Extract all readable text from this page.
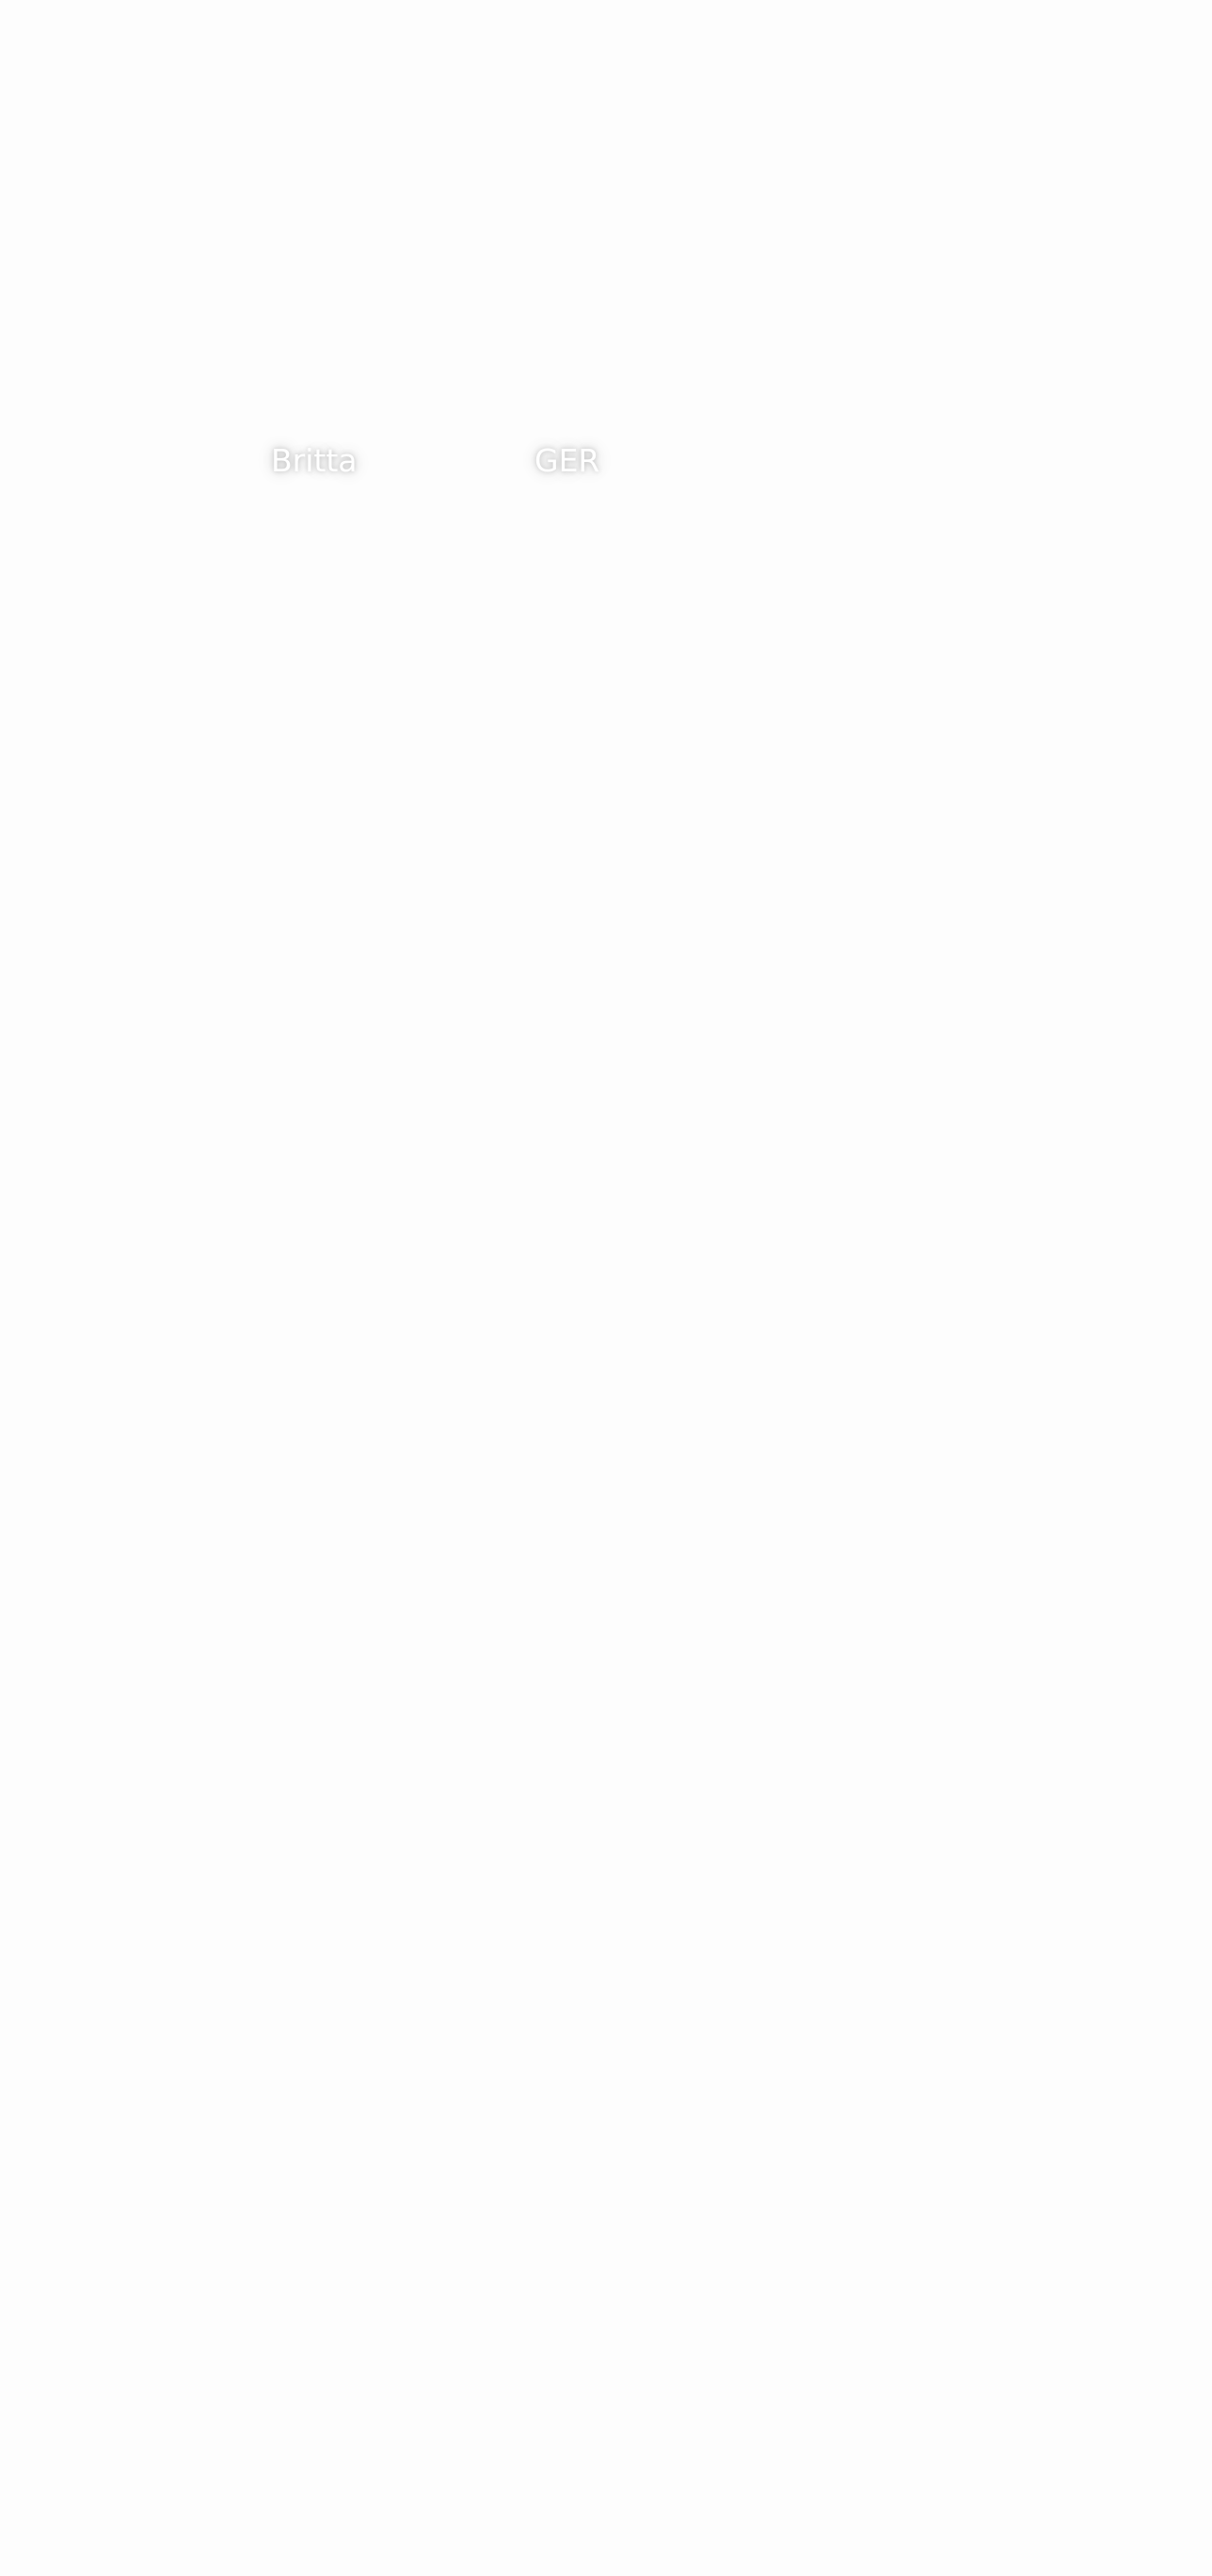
Britta	GER
